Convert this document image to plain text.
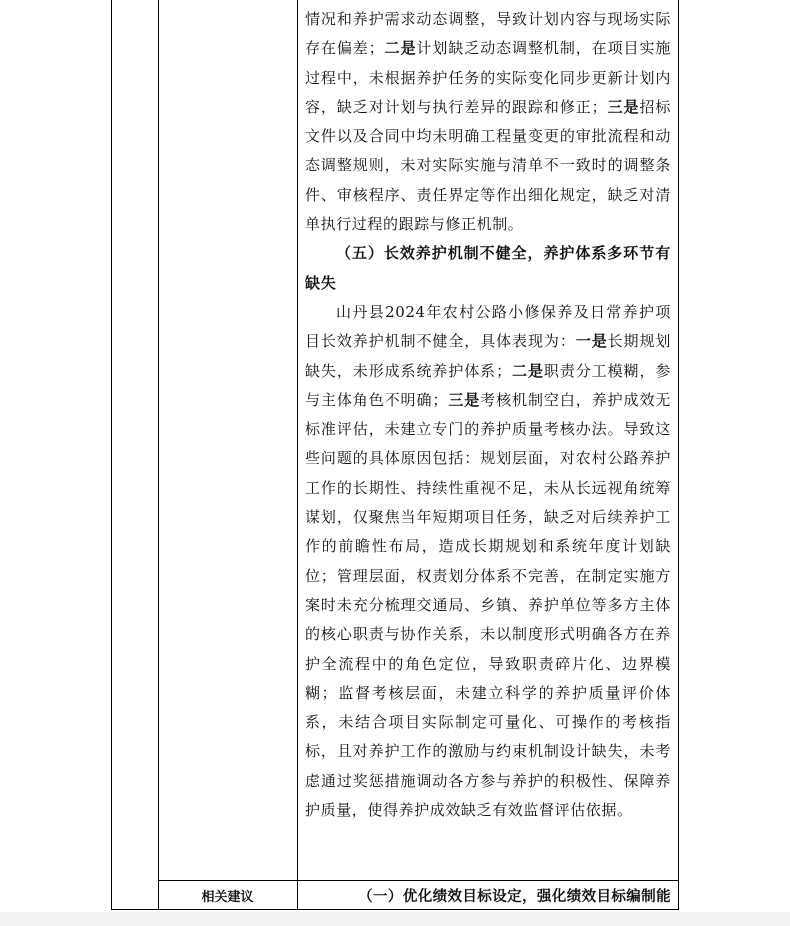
情况和养护需求动态调整，导致计划内容与现场实际存在偏差；二是计划缺乏动态调整机制，在项目实施过程中，未根据养护任务的实际变化同步更新计划内容，缺乏对计划与执行差异的跟踪和修正；三是招标文件以及合同中均未明确工程量变更的审批流程和动态调整规则，未对实际实施与清单不一致时的调整条件、审核程序、责任界定等作出细化规定，缺乏对清单执行过程的跟踪与修正机制。

（五）长效养护机制不健全，养护体系多环节有缺失

山丹县2024年农村公路小修保养及日常养护项目长效养护机制不健全，具体表现为：一是长期规划缺失，未形成系统养护体系；二是职责分工模糊，参与主体角色不明确；三是考核机制空白，养护成效无标准评估，未建立专门的养护质量考核办法。导致这些问题的具体原因包括：规划层面，对农村公路养护工作的长期性、持续性重视不足，未从长远视角统筹谋划，仅聚焦当年短期项目任务，缺乏对后续养护工作的前瞻性布局，造成长期规划和系统年度计划缺位；管理层面，权责划分体系不完善，在制定实施方案时未充分梳理交通局、乡镇、养护单位等多方主体的核心职责与协作关系，未以制度形式明确各方在养护全流程中的角色定位，导致职责碎片化、边界模糊；监督考核层面，未建立科学的养护质量评价体系，未结合项目实际制定可量化、可操作的考核指标，且对养护工作的激励与约束机制设计缺失，未考虑通过奖惩措施调动各方参与养护的积极性、保障养护质量，使得养护成效缺乏有效监督评估依据。

相关建议	（一）优化绩效目标设定，强化绩效目标编制能
